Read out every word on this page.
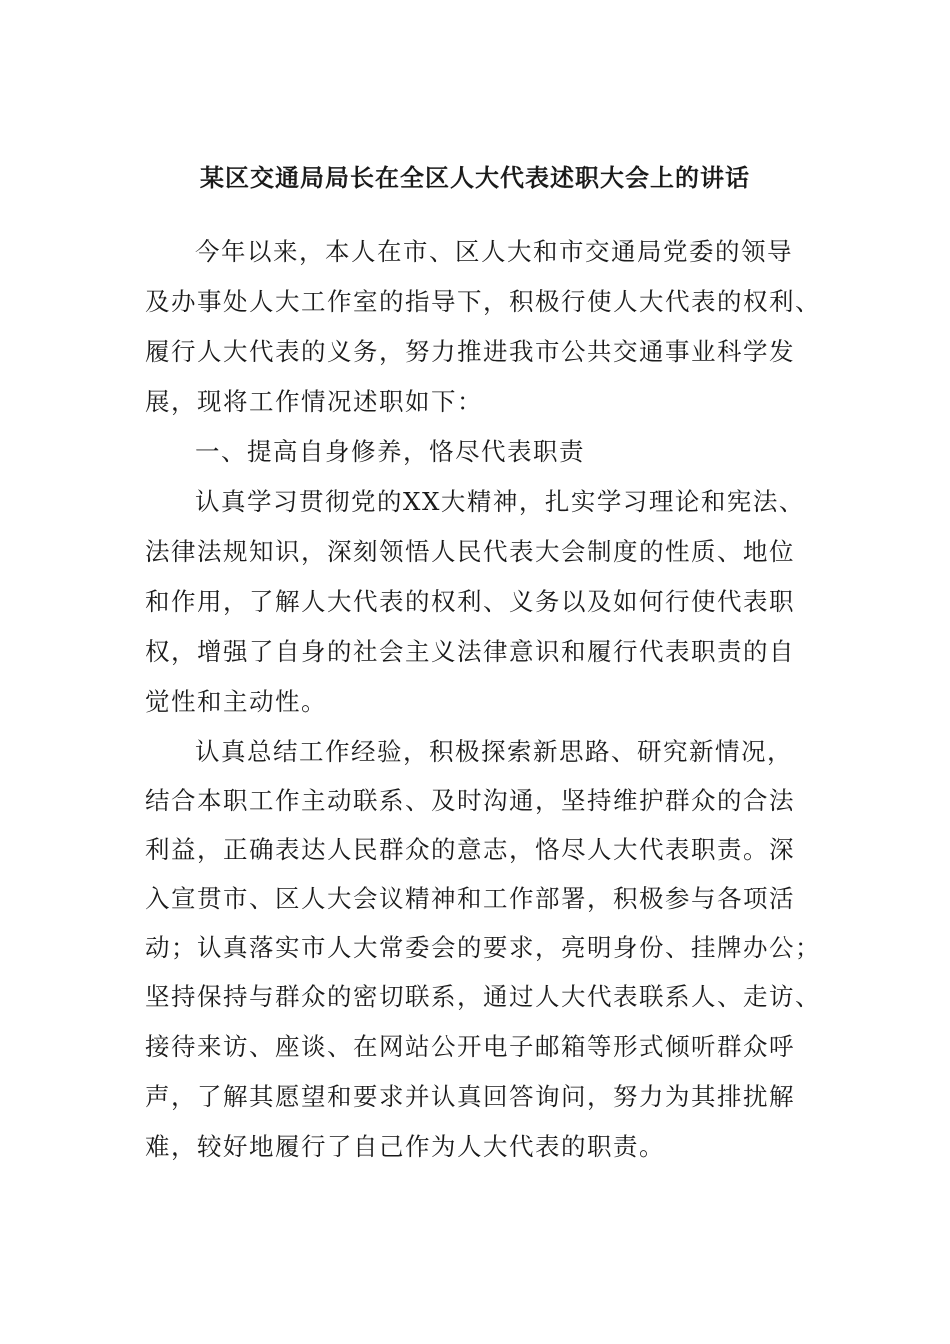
某区交通局局长在全区人大代表述职大会上的讲话

今年以来，本人在市、区人大和市交通局党委的领导

及办事处人大工作室的指导下，积极行使人大代表的权利、

履行人大代表的义务，努力推进我市公共交通事业科学发

展，现将工作情况述职如下：

一、提高自身修养，恪尽代表职责

认真学习贯彻党的XX大精神，扎实学习理论和宪法、

法律法规知识，深刻领悟人民代表大会制度的性质、地位

和作用，了解人大代表的权利、义务以及如何行使代表职

权，增强了自身的社会主义法律意识和履行代表职责的自

觉性和主动性。

认真总结工作经验，积极探索新思路、研究新情况，

结合本职工作主动联系、及时沟通，坚持维护群众的合法

利益，正确表达人民群众的意志，恪尽人大代表职责。深

入宣贯市、区人大会议精神和工作部署，积极参与各项活

动；认真落实市人大常委会的要求，亮明身份、挂牌办公；

坚持保持与群众的密切联系，通过人大代表联系人、走访、

接待来访、座谈、在网站公开电子邮箱等形式倾听群众呼

声，了解其愿望和要求并认真回答询问，努力为其排扰解

难，较好地履行了自己作为人大代表的职责。
